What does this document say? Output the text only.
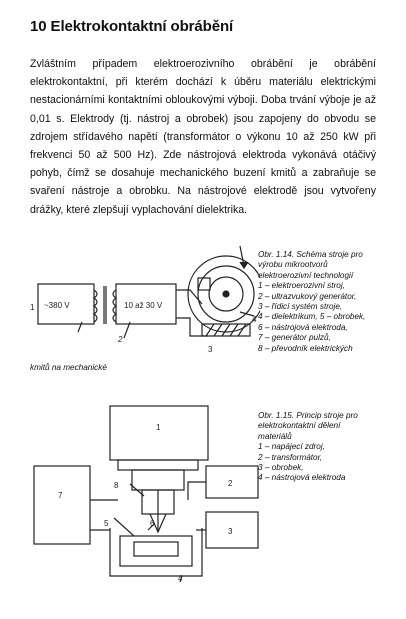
10 Elektrokontaktní obrábění

Zvláštním případem elektroerozivního obrábění je obrábění elektrokontaktní, při kterém dochází k úběru materiálu elektrickými nestacionárními kontaktními obloukovými výboji. Doba trvání výboje je až 0,01 s. Elektrody (tj. nástroj a obrobek) jsou zapojeny do obvodu se zdrojem střídavého napětí (transformátor o výkonu 10 až 250 kW při frekvenci 50 až 500 Hz). Zde nástrojová elektroda vykonává otáčivý pohyb, čímž se dosahuje mechanického buzení kmitů a zabraňuje se svaření nástroje a obrobku. Na nástrojové elektrodě jsou vytvořeny drážky, které zlepšují vyplachování dielektrika.

~380 V	10 až 30 V
1
2
3
4
Obr. 1.14. Schéma stroje pro
výrobu mikrootvorů
elektroerozivní technologií
1 – elektroerozivní stroj,
2 – ultrazvukový generátor,
3 – řídicí systém stroje,
4 – dielektrikum, 5 – obrobek,
6 – nástrojová elektroda,
7 – generátor pulzů,
8 – převodník elektrických
kmitů na mechanické
1
7
2
3
8
5	6
4
Obr. 1.15. Princip stroje pro
elektrokontaktní dělení
materiálů
1 – napájecí zdroj,
2 – transformátor,
3 – obrobek,
4 – nástrojová elektroda
